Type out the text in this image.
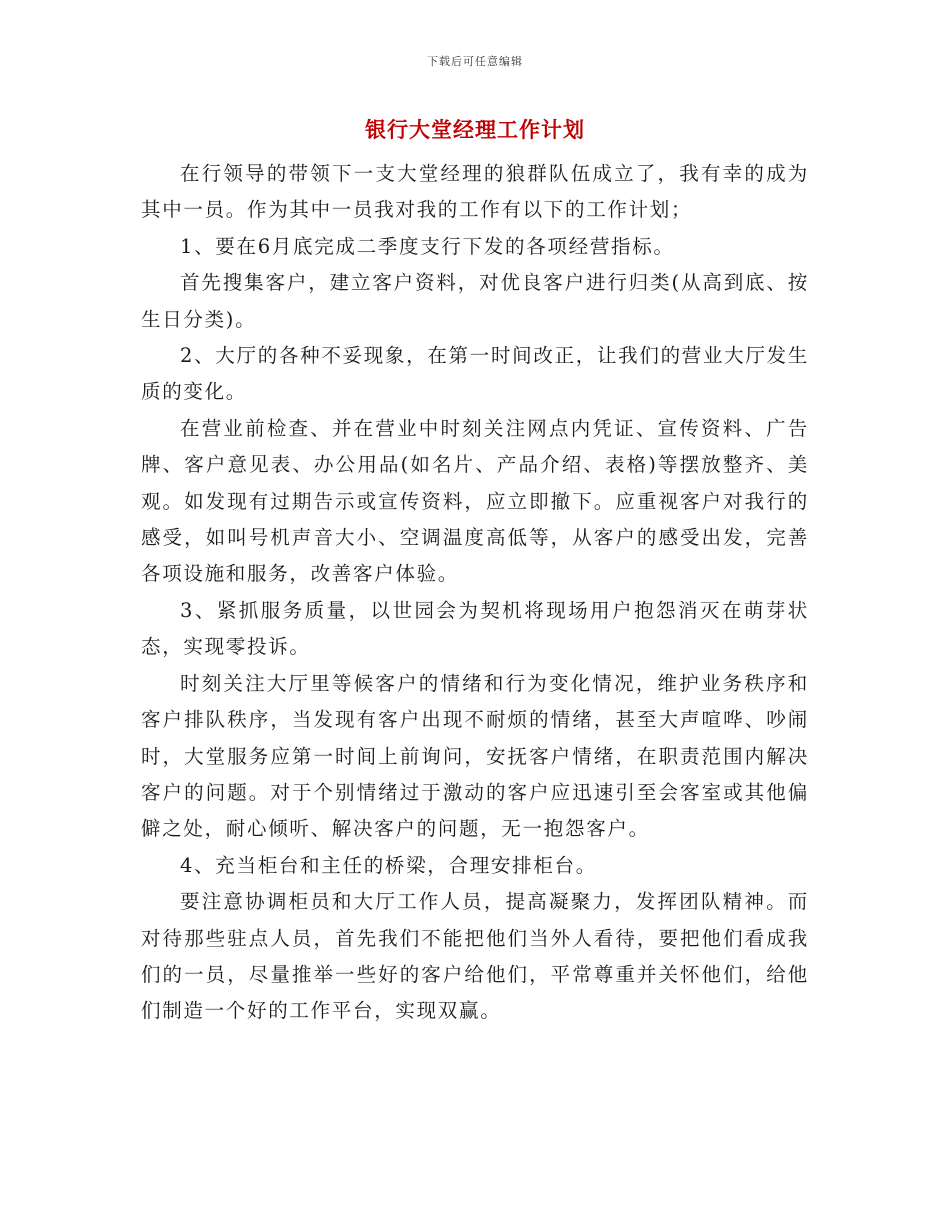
下载后可任意编辑
银行大堂经理工作计划

在行领导的带领下一支大堂经理的狼群队伍成立了，我有幸的成为其中一员。作为其中一员我对我的工作有以下的工作计划；

1、要在6月底完成二季度支行下发的各项经营指标。

首先搜集客户，建立客户资料，对优良客户进行归类(从高到底、按生日分类)。

2、大厅的各种不妥现象，在第一时间改正，让我们的营业大厅发生质的变化。

在营业前检查、并在营业中时刻关注网点内凭证、宣传资料、广告牌、客户意见表、办公用品(如名片、产品介绍、表格)等摆放整齐、美观。如发现有过期告示或宣传资料，应立即撤下。应重视客户对我行的感受，如叫号机声音大小、空调温度高低等，从客户的感受出发，完善各项设施和服务，改善客户体验。

3、紧抓服务质量，以世园会为契机将现场用户抱怨消灭在萌芽状态，实现零投诉。

时刻关注大厅里等候客户的情绪和行为变化情况，维护业务秩序和客户排队秩序，当发现有客户出现不耐烦的情绪，甚至大声喧哗、吵闹时，大堂服务应第一时间上前询问，安抚客户情绪，在职责范围内解决客户的问题。对于个别情绪过于激动的客户应迅速引至会客室或其他偏僻之处，耐心倾听、解决客户的问题，无一抱怨客户。

4、充当柜台和主任的桥梁，合理安排柜台。

要注意协调柜员和大厅工作人员，提高凝聚力，发挥团队精神。而对待那些驻点人员，首先我们不能把他们当外人看待，要把他们看成我们的一员，尽量推举一些好的客户给他们，平常尊重并关怀他们，给他们制造一个好的工作平台，实现双赢。
